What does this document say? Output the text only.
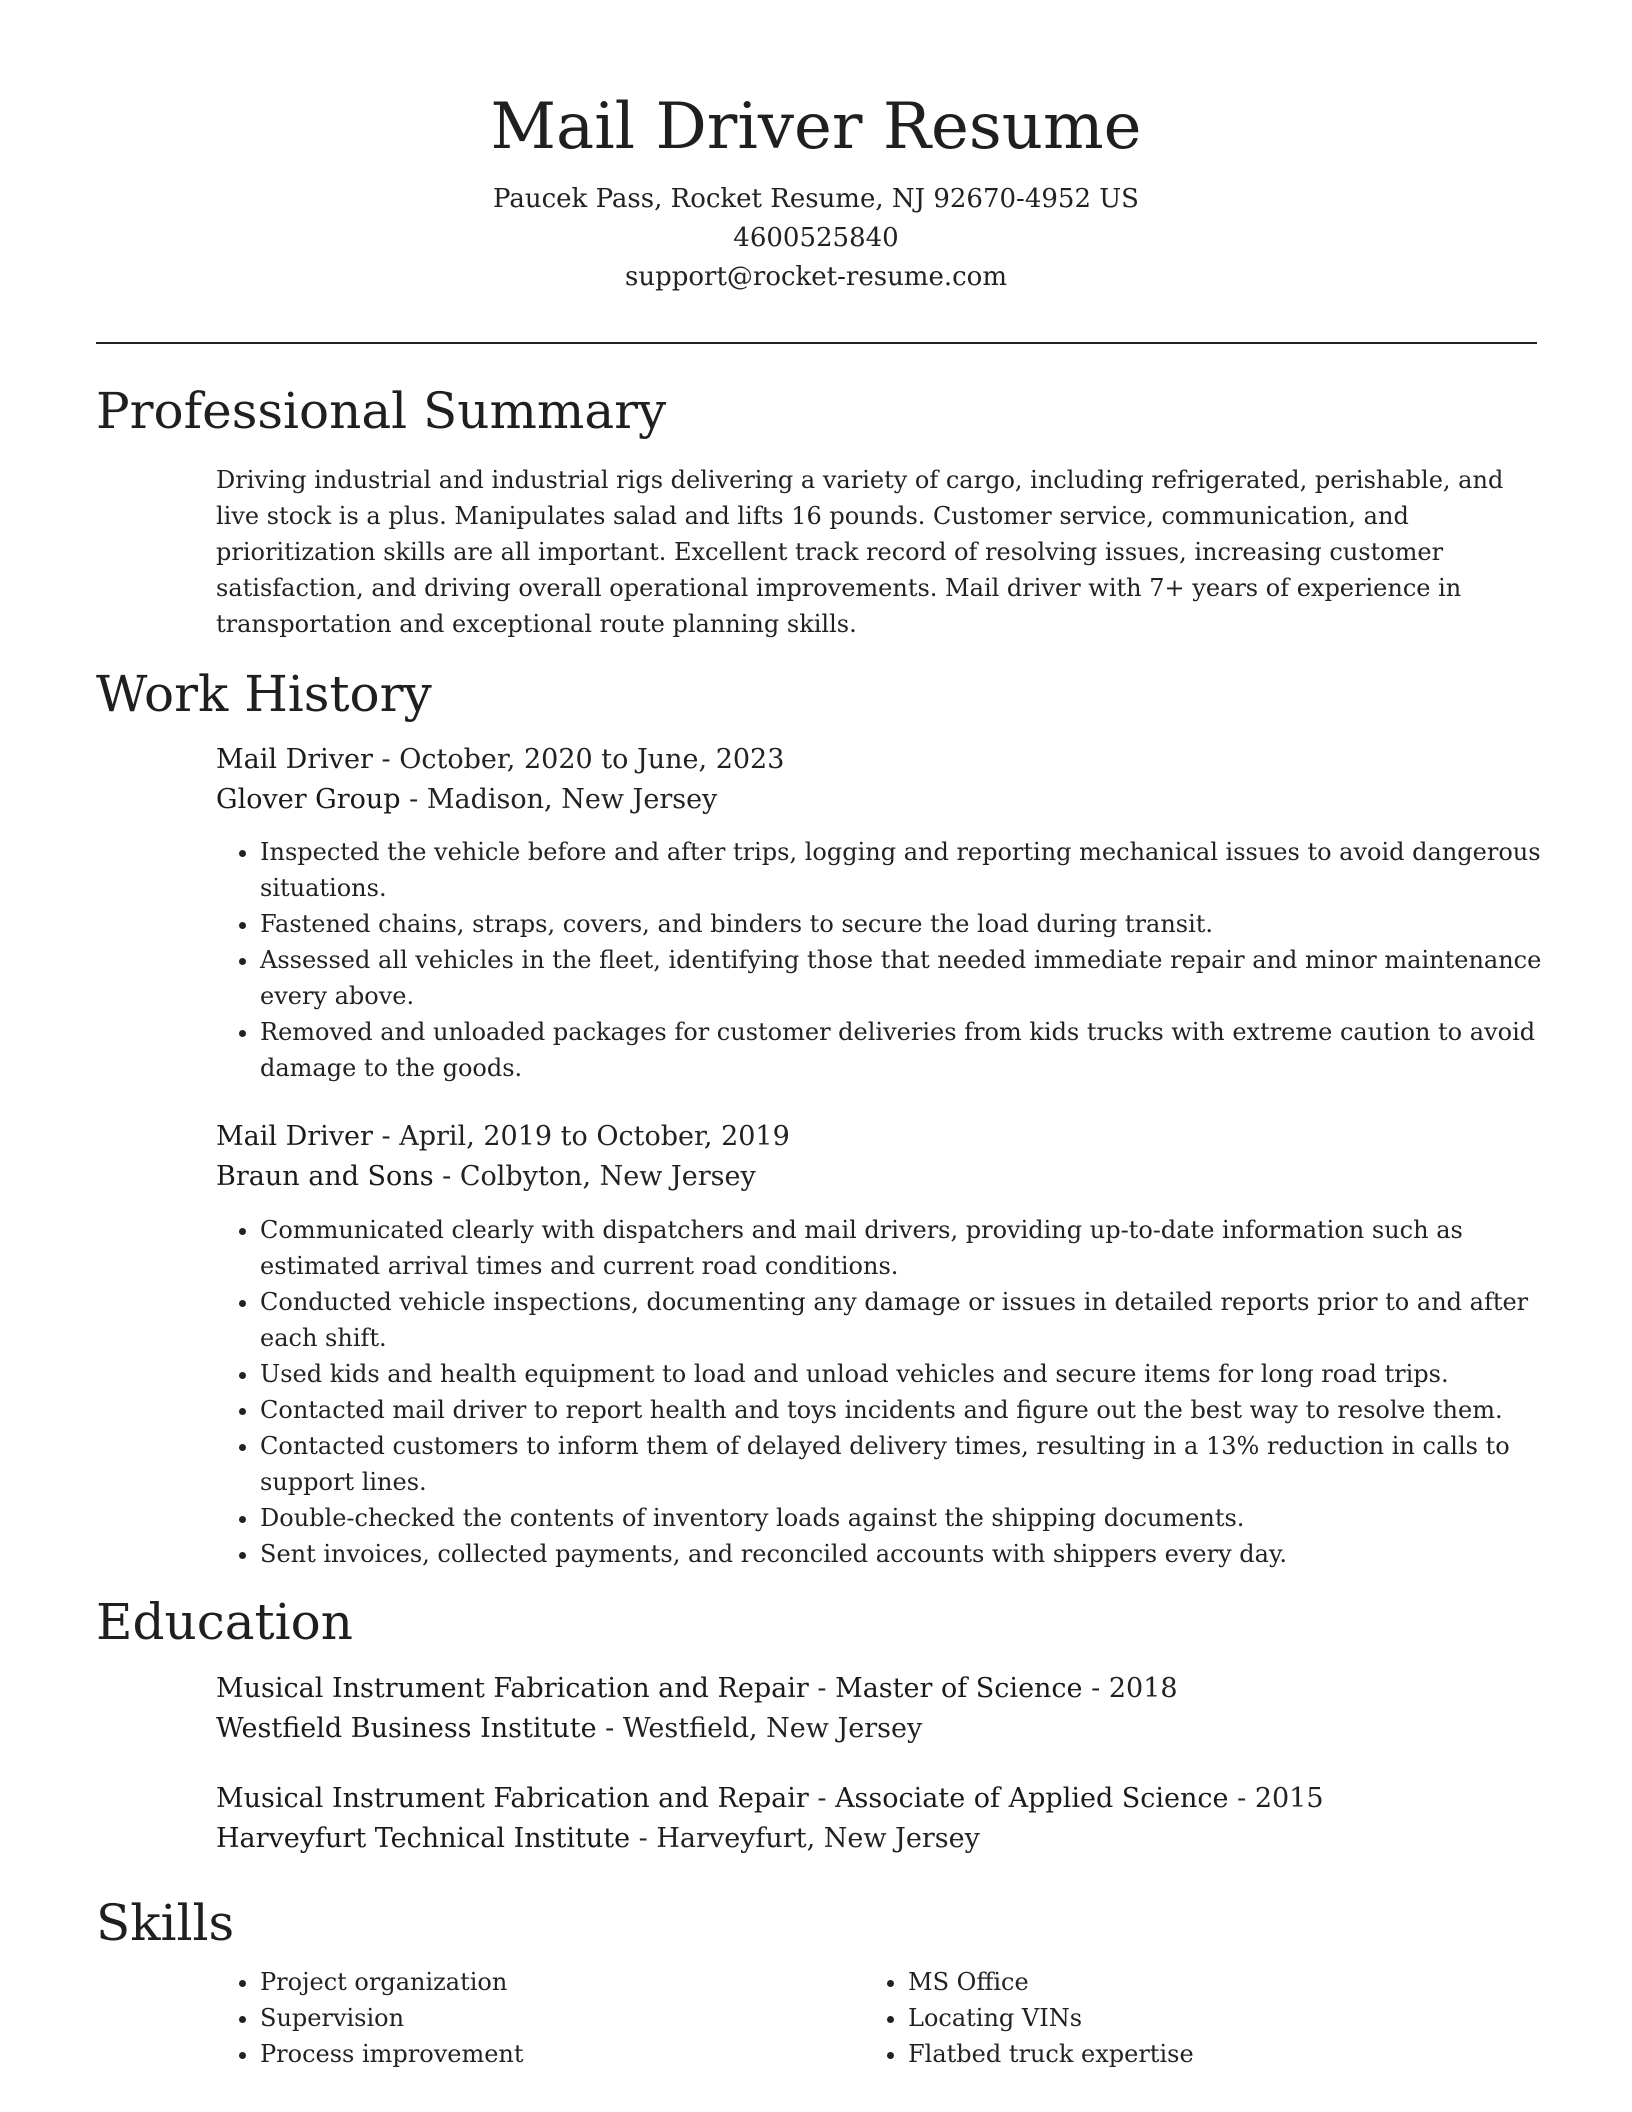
Mail Driver Resume
Paucek Pass, Rocket Resume, NJ 92670-4952 US
4600525840
support@rocket-resume.com
Professional Summary

Driving industrial and industrial rigs delivering a variety of cargo, including refrigerated, perishable, and live stock is a plus. Manipulates salad and lifts 16 pounds. Customer service, communication, and prioritization skills are all important. Excellent track record of resolving issues, increasing customer satisfaction, and driving overall operational improvements. Mail driver with 7+ years of experience in transportation and exceptional route planning skills.

Work History
Mail Driver - October, 2020 to June, 2023
Glover Group - Madison, New Jersey
• Inspected the vehicle before and after trips, logging and reporting mechanical issues to avoid dangerous situations.
• Fastened chains, straps, covers, and binders to secure the load during transit.
• Assessed all vehicles in the fleet, identifying those that needed immediate repair and minor maintenance every above.
• Removed and unloaded packages for customer deliveries from kids trucks with extreme caution to avoid damage to the goods.
Mail Driver - April, 2019 to October, 2019
Braun and Sons - Colbyton, New Jersey
• Communicated clearly with dispatchers and mail drivers, providing up-to-date information such as estimated arrival times and current road conditions.
• Conducted vehicle inspections, documenting any damage or issues in detailed reports prior to and after each shift.
• Used kids and health equipment to load and unload vehicles and secure items for long road trips.
• Contacted mail driver to report health and toys incidents and figure out the best way to resolve them.
• Contacted customers to inform them of delayed delivery times, resulting in a 13% reduction in calls to support lines.
• Double-checked the contents of inventory loads against the shipping documents.
• Sent invoices, collected payments, and reconciled accounts with shippers every day.
Education
Musical Instrument Fabrication and Repair - Master of Science - 2018
Westfield Business Institute - Westfield, New Jersey
Musical Instrument Fabrication and Repair - Associate of Applied Science - 2015
Harveyfurt Technical Institute - Harveyfurt, New Jersey
Skills
• Project organization
• Supervision
• Process improvement
• MS Office
• Locating VINs
• Flatbed truck expertise
